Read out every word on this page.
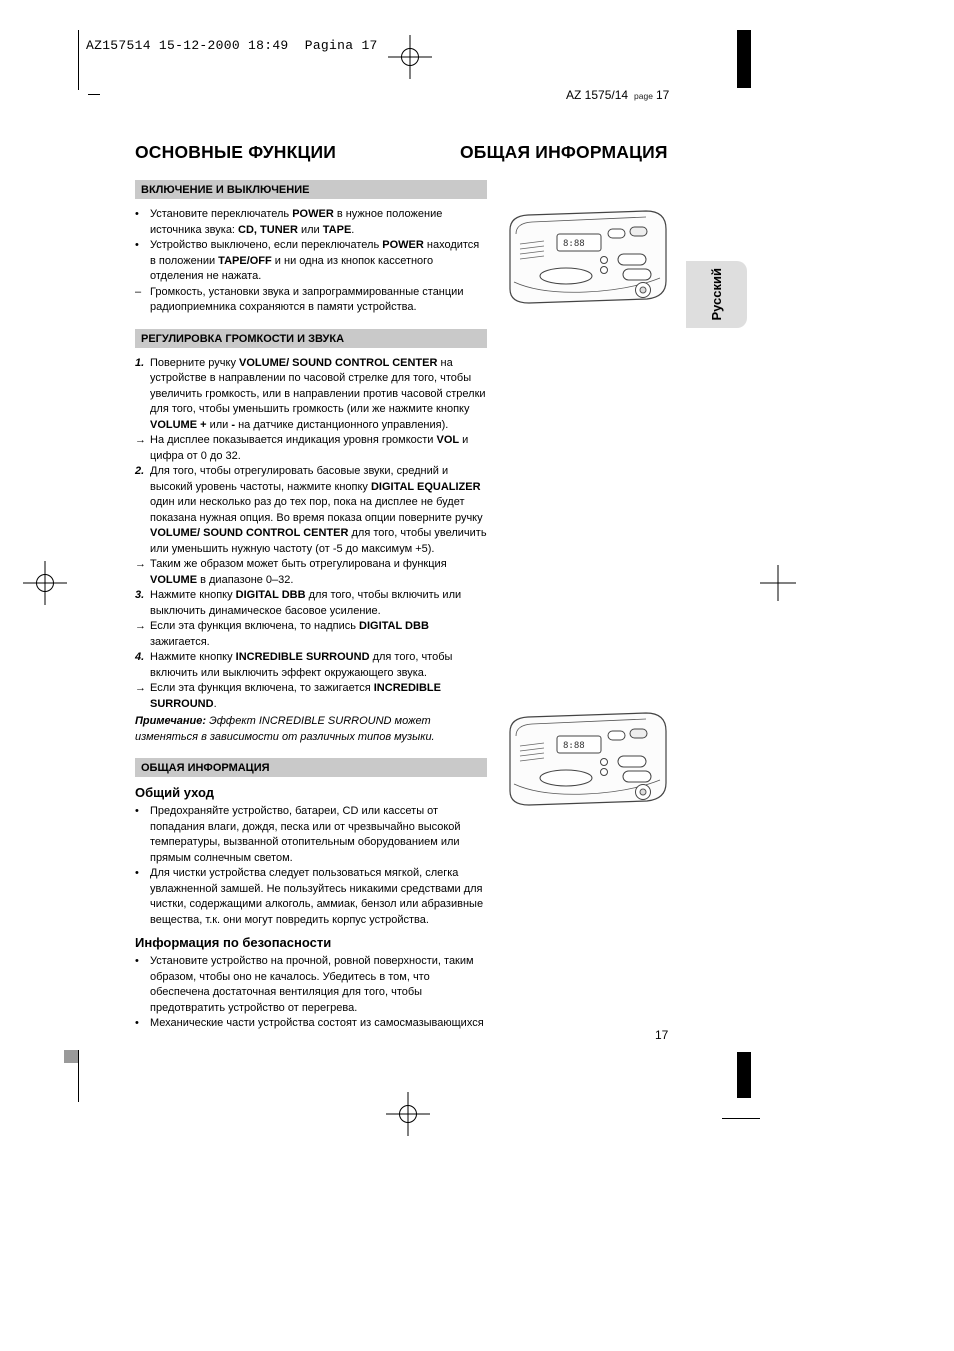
AZ157514 15-12-2000 18:49  Pagina 17
AZ 1575/14 page 17
ОСНОВНЫЕ ФУНКЦИИ	ОБЩАЯ ИНФОРМАЦИЯ
ВКЛЮЧЕНИЕ И ВЫКЛЮЧЕНИЕ
•	Установите переключатель POWER в нужное положение источника звука: CD, TUNER или TAPE.
•	Устройство выключено, если переключатель POWER находится в положении TAPE/OFF и ни одна из кнопок кассетного отделения не нажата.
– Громкость, установки звука и запрограммированные станции радиоприемника сохраняются в памяти устройства.
РЕГУЛИРОВКА ГРОМКОСТИ И ЗВУКА
1. Поверните ручку VOLUME/ SOUND CONTROL CENTER на устройстве в направлении по часовой стрелке для того, чтобы увеличить громкость, или в направлении против часовой стрелки для того, чтобы уменьшить громкость (или же нажмите кнопку VOLUME + или - на датчике дистанционного управления).
→ На дисплее показывается индикация уровня громкости VOL и цифра от 0 до 32.
2. Для того, чтобы отрегулировать басовые звуки, средний и высокий уровень частоты, нажмите кнопку DIGITAL EQUALIZER один или несколько раз до тех пор, пока на дисплее не будет показана нужная опция. Во время показа опции поверните ручку VOLUME/ SOUND CONTROL CENTER для того, чтобы увеличить или уменьшить нужную частоту (от -5 до максимум +5).
→ Таким же образом может быть отрегулирована и функция VOLUME в диапазоне 0–32.
3. Нажмите кнопку DIGITAL DBB для того, чтобы включить или выключить динамическое басовое усиление.
→ Если эта функция включена, то надпись DIGITAL DBB зажигается.
4. Нажмите кнопку INCREDIBLE SURROUND для того, чтобы включить или выключить эффект окружающего звука.
→ Если эта функция включена, то зажигается INCREDIBLE SURROUND.
Примечание: Эффект INCREDIBLE SURROUND может изменяться в зависимости от различных типов музыки.
ОБЩАЯ ИНФОРМАЦИЯ
Общий уход
•	Предохраняйте устройство, батареи, CD или кассеты от попадания влаги, дождя, песка или от чрезвычайно высокой температуры, вызванной отопительным оборудованием или прямым солнечным светом.
•	Для чистки устройства следует пользоваться мягкой, слегка увлажненной замшей. Не пользуйтесь никакими средствами для чистки, содержащими алкоголь, аммиак, бензол или абразивные вещества, т.к. они могут повредить корпус устройства.
Информация по безопасности
•	Установите устройство на прочной, ровной поверхности, таким образом, чтобы оно не качалось. Убедитесь в том, что обеспечена достаточная вентиляция для того, чтобы предотвратить устройство от перегрева.
•	Механические части устройства состоят из самосмазывающихся
8:88
8:88
Русский
17
